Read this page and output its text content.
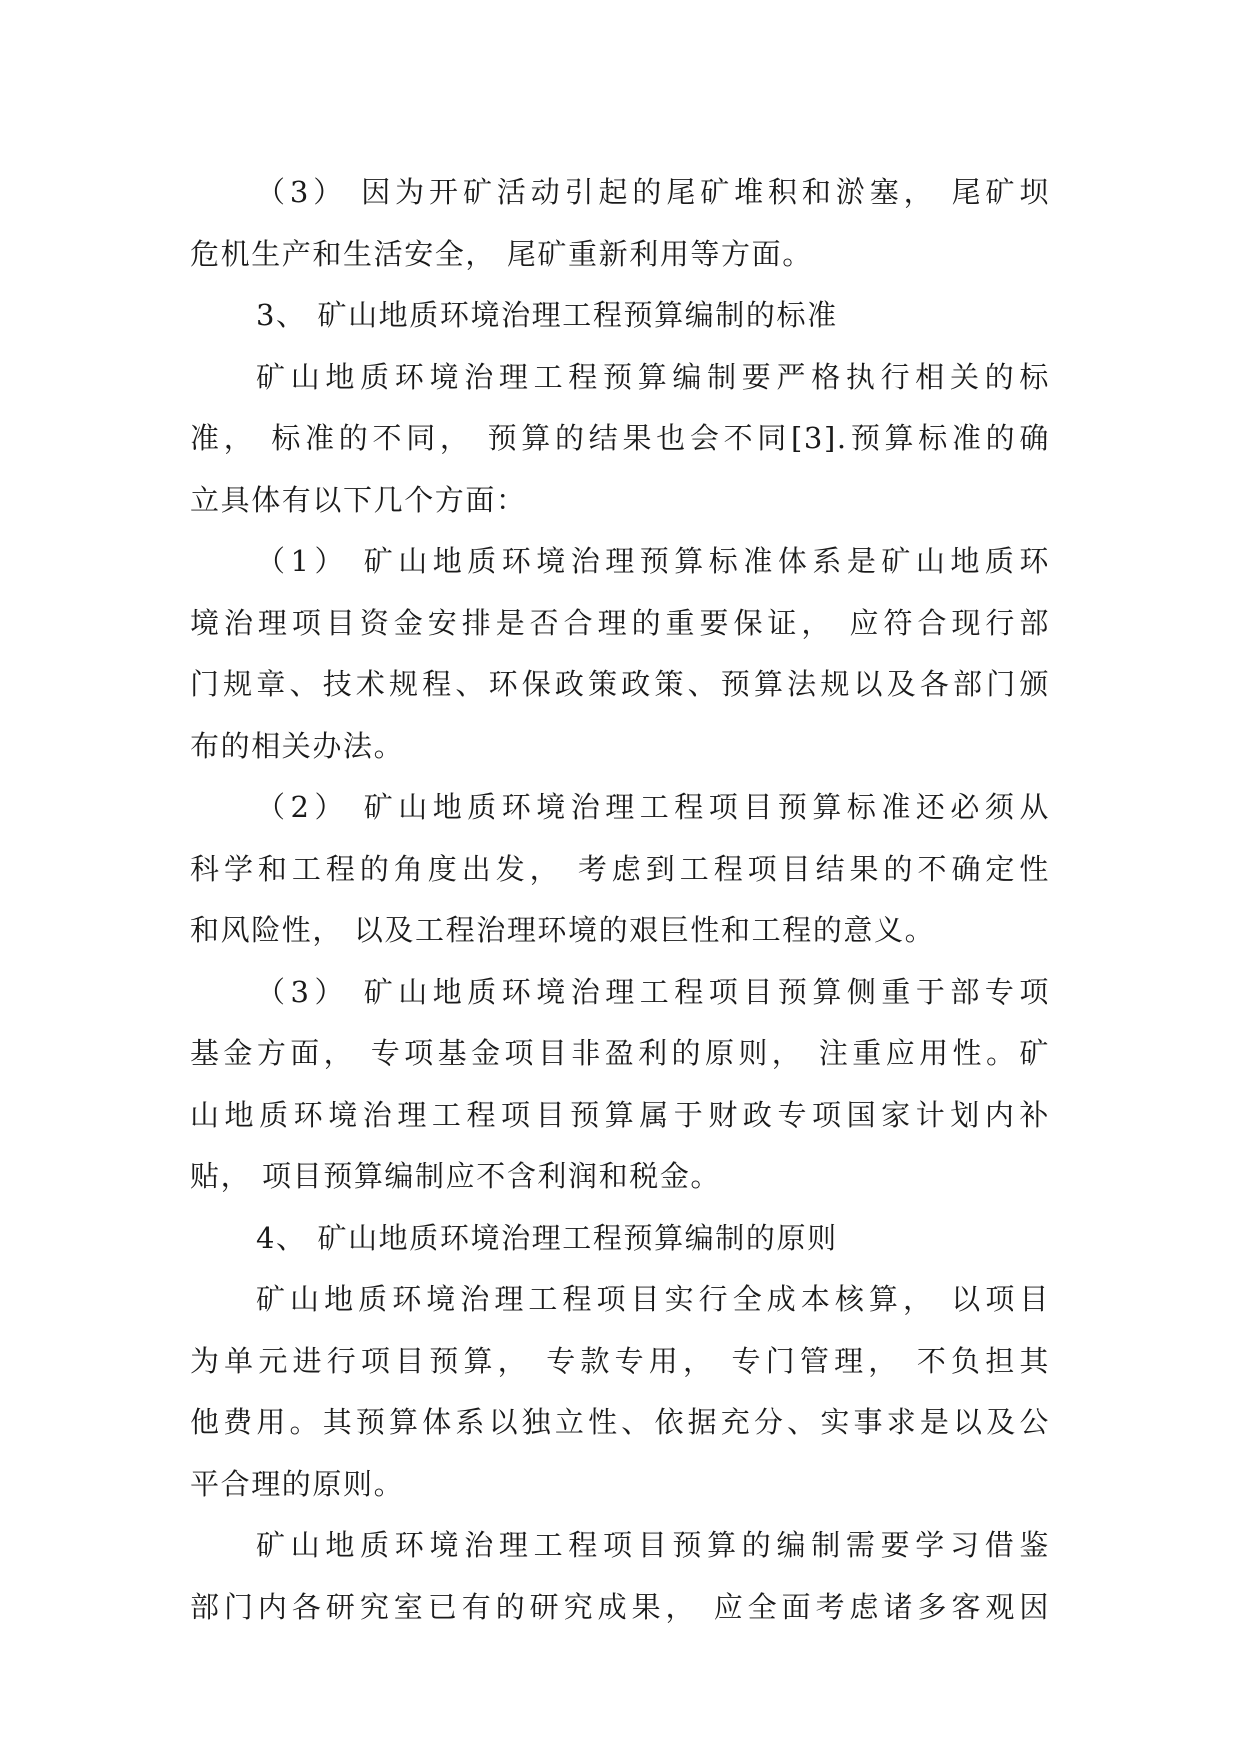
（3） 因为开矿活动引起的尾矿堆积和淤塞， 尾矿坝
危机生产和生活安全， 尾矿重新利用等方面。
3、 矿山地质环境治理工程预算编制的标准
矿山地质环境治理工程预算编制要严格执行相关的标
准， 标准的不同， 预算的结果也会不同[3].预算标准的确
立具体有以下几个方面：
（1） 矿山地质环境治理预算标准体系是矿山地质环
境治理项目资金安排是否合理的重要保证， 应符合现行部
门规章、技术规程、环保政策政策、预算法规以及各部门颁
布的相关办法。
（2） 矿山地质环境治理工程项目预算标准还必须从
科学和工程的角度出发， 考虑到工程项目结果的不确定性
和风险性， 以及工程治理环境的艰巨性和工程的意义。
（3） 矿山地质环境治理工程项目预算侧重于部专项
基金方面， 专项基金项目非盈利的原则， 注重应用性。矿
山地质环境治理工程项目预算属于财政专项国家计划内补
贴， 项目预算编制应不含利润和税金。
4、 矿山地质环境治理工程预算编制的原则
矿山地质环境治理工程项目实行全成本核算， 以项目
为单元进行项目预算， 专款专用， 专门管理， 不负担其
他费用。其预算体系以独立性、依据充分、实事求是以及公
平合理的原则。
矿山地质环境治理工程项目预算的编制需要学习借鉴
部门内各研究室已有的研究成果， 应全面考虑诸多客观因
